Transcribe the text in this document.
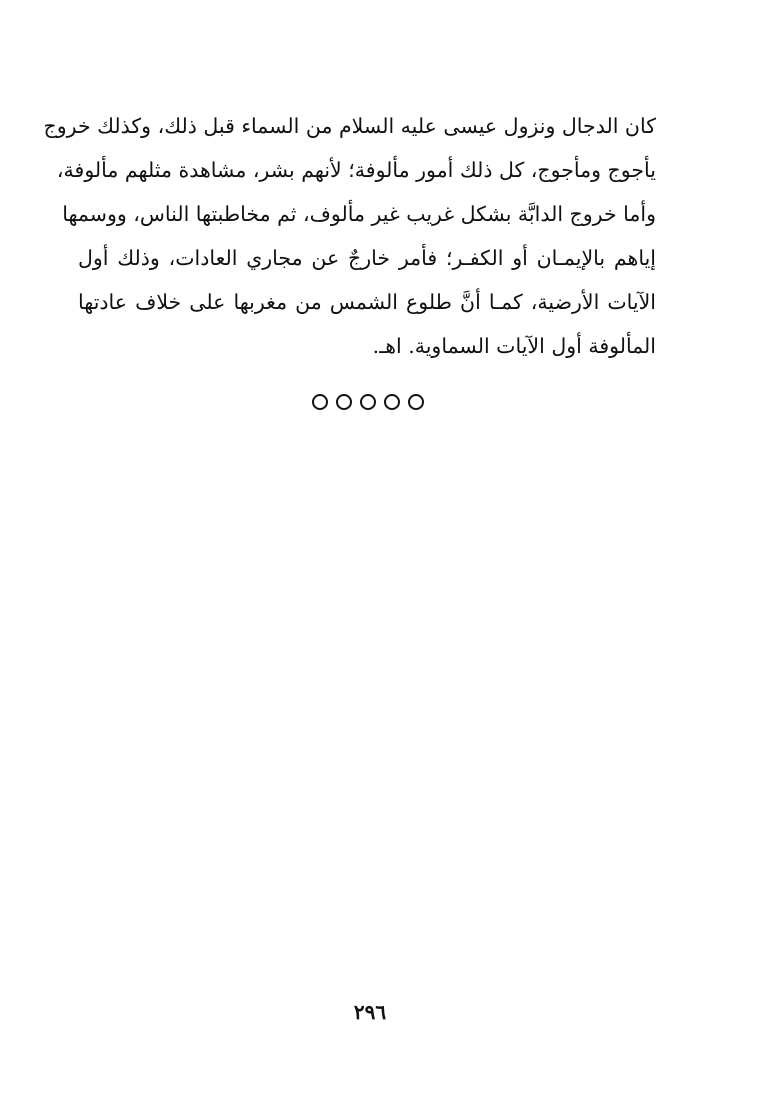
كان الدجال ونزول عيسى عليه السلام من السماء قبل ذلك، وكذلك خروج
يأجوج ومأجوج، كل ذلك أمور مألوفة؛ لأنهم بشر، مشاهدة مثلهم مألوفة،
وأما خروج الدابَّة بشكل غريب غير مألوف، ثم مخاطبتها الناس، ووسمها
إياهم بالإيمـان أو الكفـر؛ فأمر خارجٌ عن مجاري العادات، وذلك أول
الآيات الأرضية، كمـا أنَّ طلوع الشمس من مغربها على خلاف عادتها
المألوفة أول الآيات السماوية. اهـ.
٢٩٦
